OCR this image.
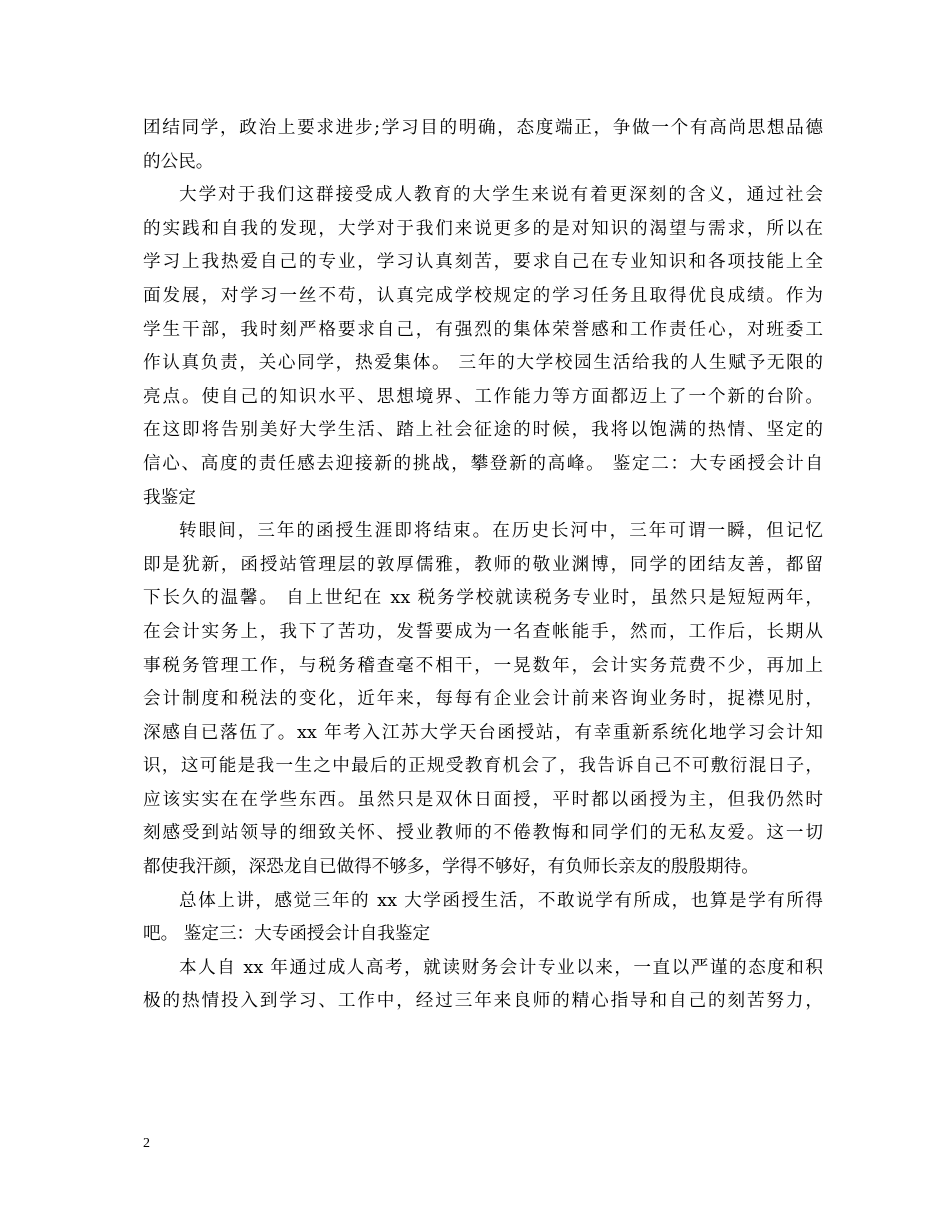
团结同学，政治上要求进步;学习目的明确，态度端正，争做一个有高尚思想品德
的公民。
大学对于我们这群接受成人教育的大学生来说有着更深刻的含义，通过社会
的实践和自我的发现，大学对于我们来说更多的是对知识的渴望与需求，所以在
学习上我热爱自己的专业，学习认真刻苦，要求自己在专业知识和各项技能上全
面发展，对学习一丝不苟，认真完成学校规定的学习任务且取得优良成绩。作为
学生干部，我时刻严格要求自己，有强烈的集体荣誉感和工作责任心，对班委工
作认真负责，关心同学，热爱集体。 三年的大学校园生活给我的人生赋予无限的
亮点。使自己的知识水平、思想境界、工作能力等方面都迈上了一个新的台阶。
在这即将告别美好大学生活、踏上社会征途的时候，我将以饱满的热情、坚定的
信心、高度的责任感去迎接新的挑战，攀登新的高峰。 鉴定二：大专函授会计自
我鉴定
转眼间，三年的函授生涯即将结束。在历史长河中，三年可谓一瞬，但记忆
即是犹新，函授站管理层的敦厚儒雅，教师的敬业渊博，同学的团结友善，都留
下长久的温馨。 自上世纪在 xx 税务学校就读税务专业时，虽然只是短短两年，
在会计实务上，我下了苦功，发誓要成为一名查帐能手，然而，工作后，长期从
事税务管理工作，与税务稽查毫不相干，一晃数年，会计实务荒费不少，再加上
会计制度和税法的变化，近年来，每每有企业会计前来咨询业务时，捉襟见肘，
深感自已落伍了。xx 年考入江苏大学天台函授站，有幸重新系统化地学习会计知
识，这可能是我一生之中最后的正规受教育机会了，我告诉自己不可敷衍混日子，
应该实实在在学些东西。虽然只是双休日面授，平时都以函授为主，但我仍然时
刻感受到站领导的细致关怀、授业教师的不倦教悔和同学们的无私友爱。这一切
都使我汗颜，深恐龙自已做得不够多，学得不够好，有负师长亲友的殷殷期待。
总体上讲，感觉三年的 xx 大学函授生活，不敢说学有所成，也算是学有所得
吧。 鉴定三：大专函授会计自我鉴定
本人自 xx 年通过成人高考，就读财务会计专业以来，一直以严谨的态度和积
极的热情投入到学习、工作中，经过三年来良师的精心指导和自己的刻苦努力，
2
